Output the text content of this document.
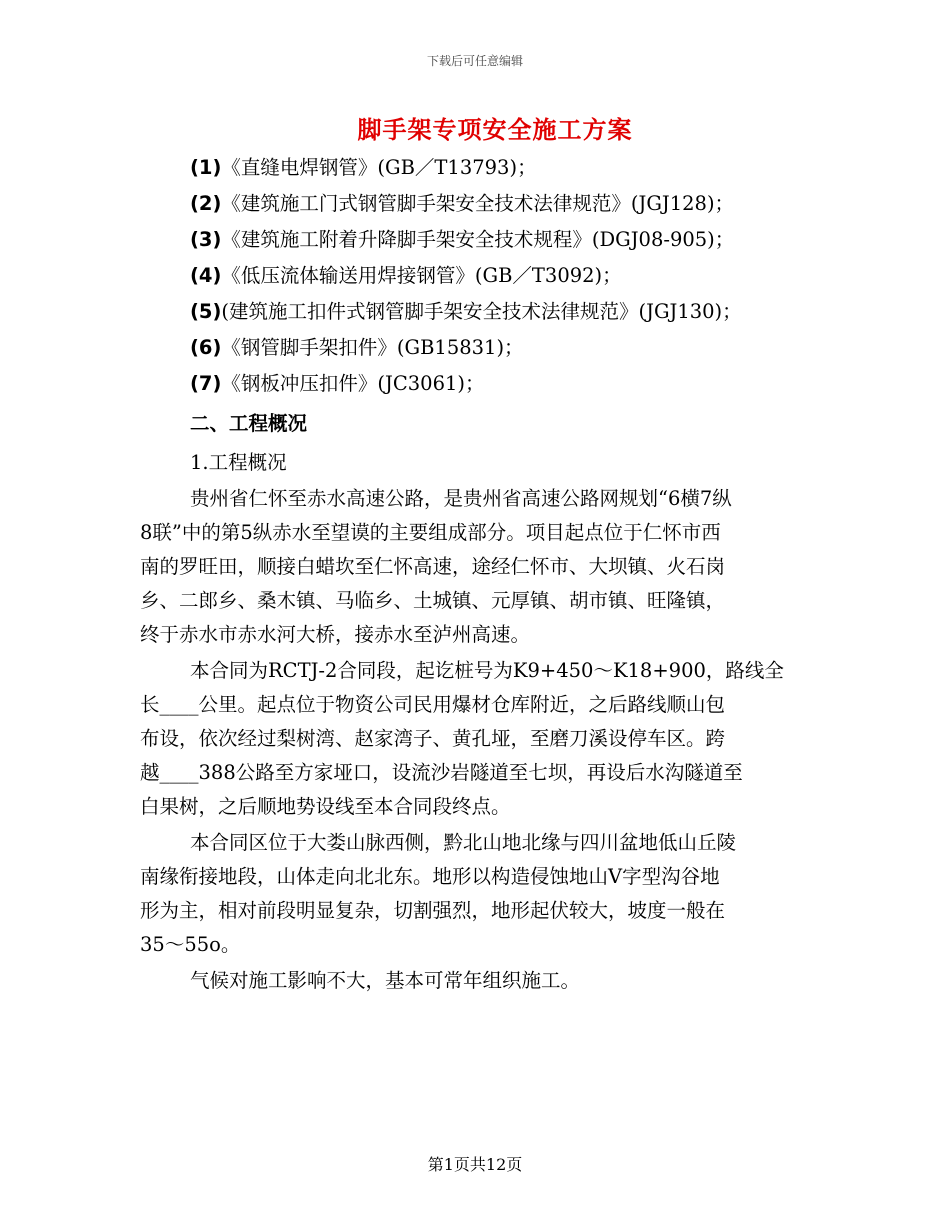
下载后可任意编辑
脚手架专项安全施工方案
(1)《直缝电焊钢管》(GB／T13793)；
(2)《建筑施工门式钢管脚手架安全技术法律规范》(JGJ128)；
(3)《建筑施工附着升降脚手架安全技术规程》(DGJ08-905)；
(4)《低压流体输送用焊接钢管》(GB／T3092)；
(5)(建筑施工扣件式钢管脚手架安全技术法律规范》(JGJ130)；
(6)《钢管脚手架扣件》(GB15831)；
(7)《钢板冲压扣件》(JC3061)；
二、工程概况
1.工程概况
贵州省仁怀至赤水高速公路，是贵州省高速公路网规划“6横7纵
8联”中的第5纵赤水至望谟的主要组成部分。项目起点位于仁怀市西
南的罗旺田，顺接白蜡坎至仁怀高速，途经仁怀市、大坝镇、火石岗
乡、二郎乡、桑木镇、马临乡、土城镇、元厚镇、胡市镇、旺隆镇，
终于赤水市赤水河大桥，接赤水至泸州高速。
本合同为RCTJ-2合同段，起讫桩号为K9+450～K18+900，路线全
长____公里。起点位于物资公司民用爆材仓库附近，之后路线顺山包
布设，依次经过梨树湾、赵家湾子、黄孔垭，至磨刀溪设停车区。跨
越____388公路至方家垭口，设流沙岩隧道至七坝，再设后水沟隧道至
白果树，之后顺地势设线至本合同段终点。
本合同区位于大娄山脉西侧，黔北山地北缘与四川盆地低山丘陵
南缘衔接地段，山体走向北北东。地形以构造侵蚀地山V字型沟谷地
形为主，相对前段明显复杂，切割强烈，地形起伏较大，坡度一般在
35～55o。
气候对施工影响不大，基本可常年组织施工。
第1页共12页
